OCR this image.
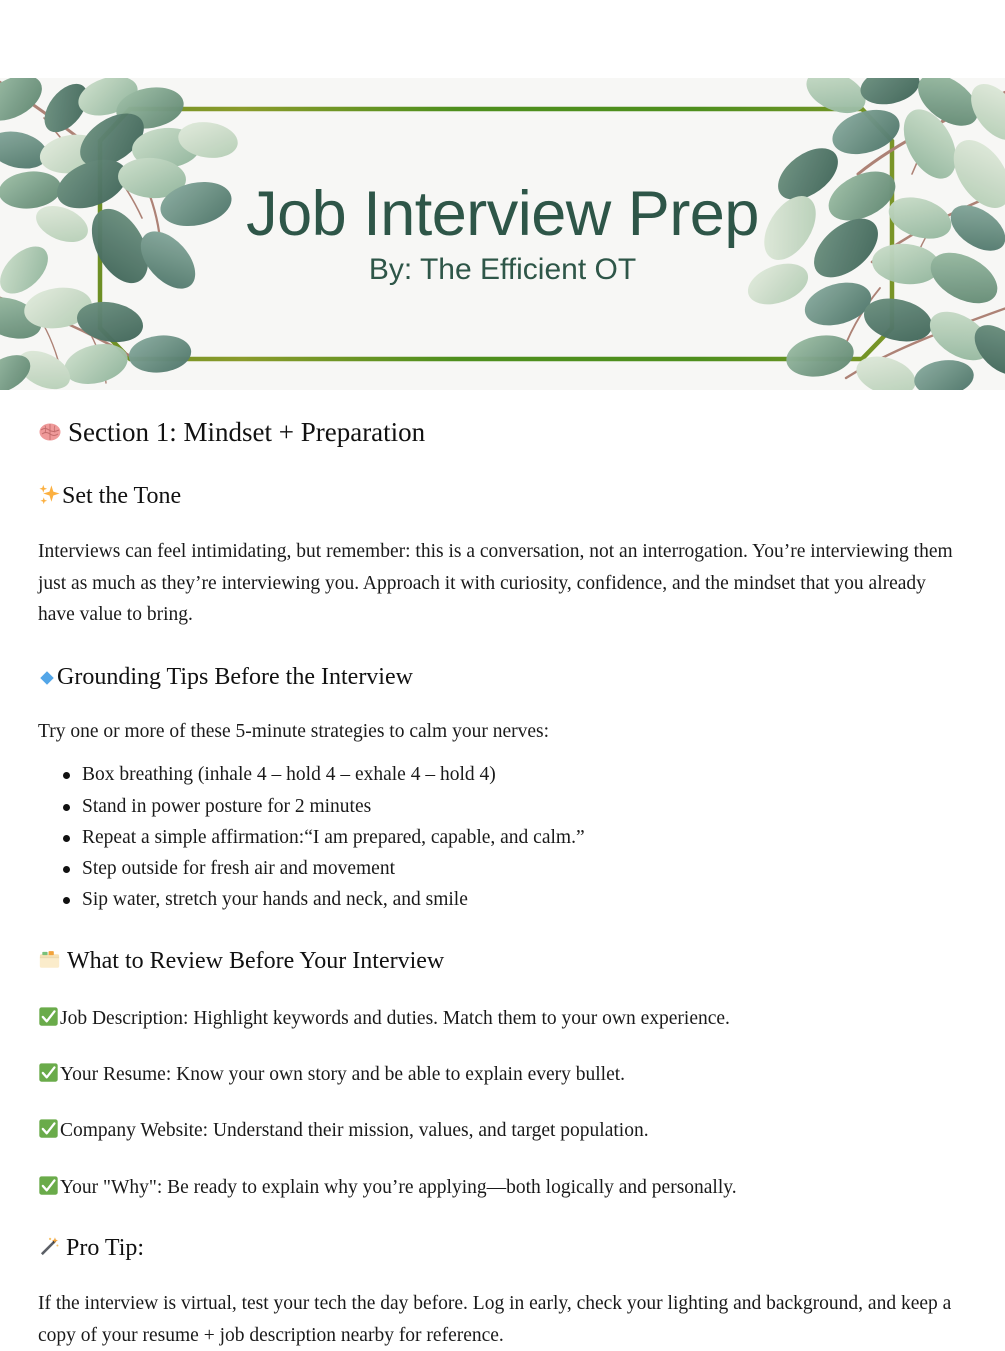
Job Interview Prep
By: The Efficient OT
Section 1: Mindset + Preparation
Set the Tone

Interviews can feel intimidating, but remember: this is a conversation, not an interrogation. You’re interviewing them just as much as they’re interviewing you. Approach it with curiosity, confidence, and the mindset that you already have value to bring.

Grounding Tips Before the Interview

Try one or more of these 5-minute strategies to calm your nerves:

Box breathing (inhale 4 – hold 4 – exhale 4 – hold 4)
Stand in power posture for 2 minutes
Repeat a simple affirmation:“I am prepared, capable, and calm.”
Step outside for fresh air and movement
Sip water, stretch your hands and neck, and smile
What to Review Before Your Interview

Job Description: Highlight keywords and duties. Match them to your own experience.

Your Resume: Know your own story and be able to explain every bullet.

Company Website: Understand their mission, values, and target population.

Your "Why": Be ready to explain why you’re applying—both logically and personally.

Pro Tip:

If the interview is virtual, test your tech the day before. Log in early, check your lighting and background, and keep a copy of your resume + job description nearby for reference.
